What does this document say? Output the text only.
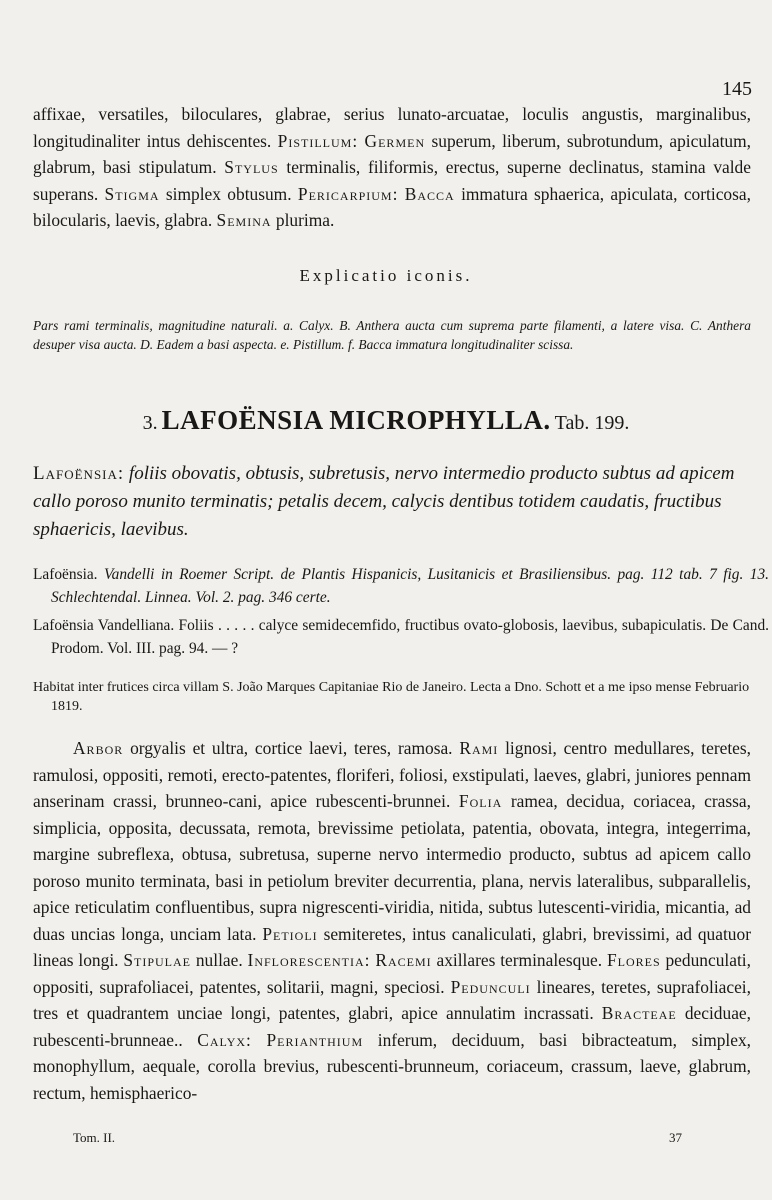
145
affixae, versatiles, biloculares, glabrae, serius lunato-arcuatae, loculis angustis, marginalibus, longitudinaliter intus dehiscentes. Pistillum: Germen superum, liberum, subrotundum, apiculatum, glabrum, basi stipulatum. Stylus terminalis, filiformis, erectus, superne declinatus, stamina valde superans. Stigma simplex obtusum. Pericarpium: Bacca immatura sphaerica, apiculata, corticosa, bilocularis, laevis, glabra. Semina plurima.
Explicatio iconis.
Pars rami terminalis, magnitudine naturali. a. Calyx. B. Anthera aucta cum suprema parte filamenti, a latere visa. C. Anthera desuper visa aucta. D. Eadem a basi aspecta. e. Pistillum. f. Bacca immatura longitudinaliter scissa.
3. LAFOËNSIA MICROPHYLLA. Tab. 199.
Lafoënsia: foliis obovatis, obtusis, subretusis, nervo intermedio producto subtus ad apicem callo poroso munito terminatis; petalis decem, calycis dentibus totidem caudatis, fructibus sphaericis, laevibus.
Lafoënsia. Vandelli in Roemer Script. de Plantis Hispanicis, Lusitanicis et Brasiliensibus. pag. 112 tab. 7 fig. 13. Schlechtendal. Linnea. Vol. 2. pag. 346 certe.
Lafoënsia Vandelliana. Foliis . . . . . calyce semidecemfido, fructibus ovato-globosis, laevibus, subapiculatis. De Cand. Prodom. Vol. III. pag. 94. — ?
Habitat inter frutices circa villam S. João Marques Capitaniae Rio de Janeiro. Lecta a Dno. Schott et a me ipso mense Februario 1819.

Arbor orgyalis et ultra, cortice laevi, teres, ramosa. Rami lignosi, centro medullares, teretes, ramulosi, oppositi, remoti, erecto-patentes, floriferi, foliosi, exstipulati, laeves, glabri, juniores pennam anserinam crassi, brunneo-cani, apice rubescenti-brunnei. Folia ramea, decidua, coriacea, crassa, simplicia, opposita, decussata, remota, brevissime petiolata, patentia, obovata, integra, integerrima, margine subreflexa, obtusa, subretusa, superne nervo intermedio producto, subtus ad apicem callo poroso munito terminata, basi in petiolum breviter decurrentia, plana, nervis lateralibus, subparallelis, apice reticulatim confluentibus, supra nigrescenti-viridia, nitida, subtus lutescenti-viridia, micantia, ad duas uncias longa, unciam lata. Petioli semiteretes, intus canaliculati, glabri, brevissimi, ad quatuor lineas longi. Stipulae nullae. Inflorescentia: Racemi axillares terminalesque. Flores pedunculati, oppositi, suprafoliacei, patentes, solitarii, magni, speciosi. Pedunculi lineares, teretes, suprafoliacei, tres et quadrantem unciae longi, patentes, glabri, apice annulatim incrassati. Bracteae deciduae, rubescenti-brunneae.. Calyx: Perianthium inferum, deciduum, basi bibracteatum, simplex, monophyllum, aequale, corolla brevius, rubescenti-brunneum, coriaceum, crassum, laeve, glabrum, rectum, hemisphaerico-

Tom. II.	37
